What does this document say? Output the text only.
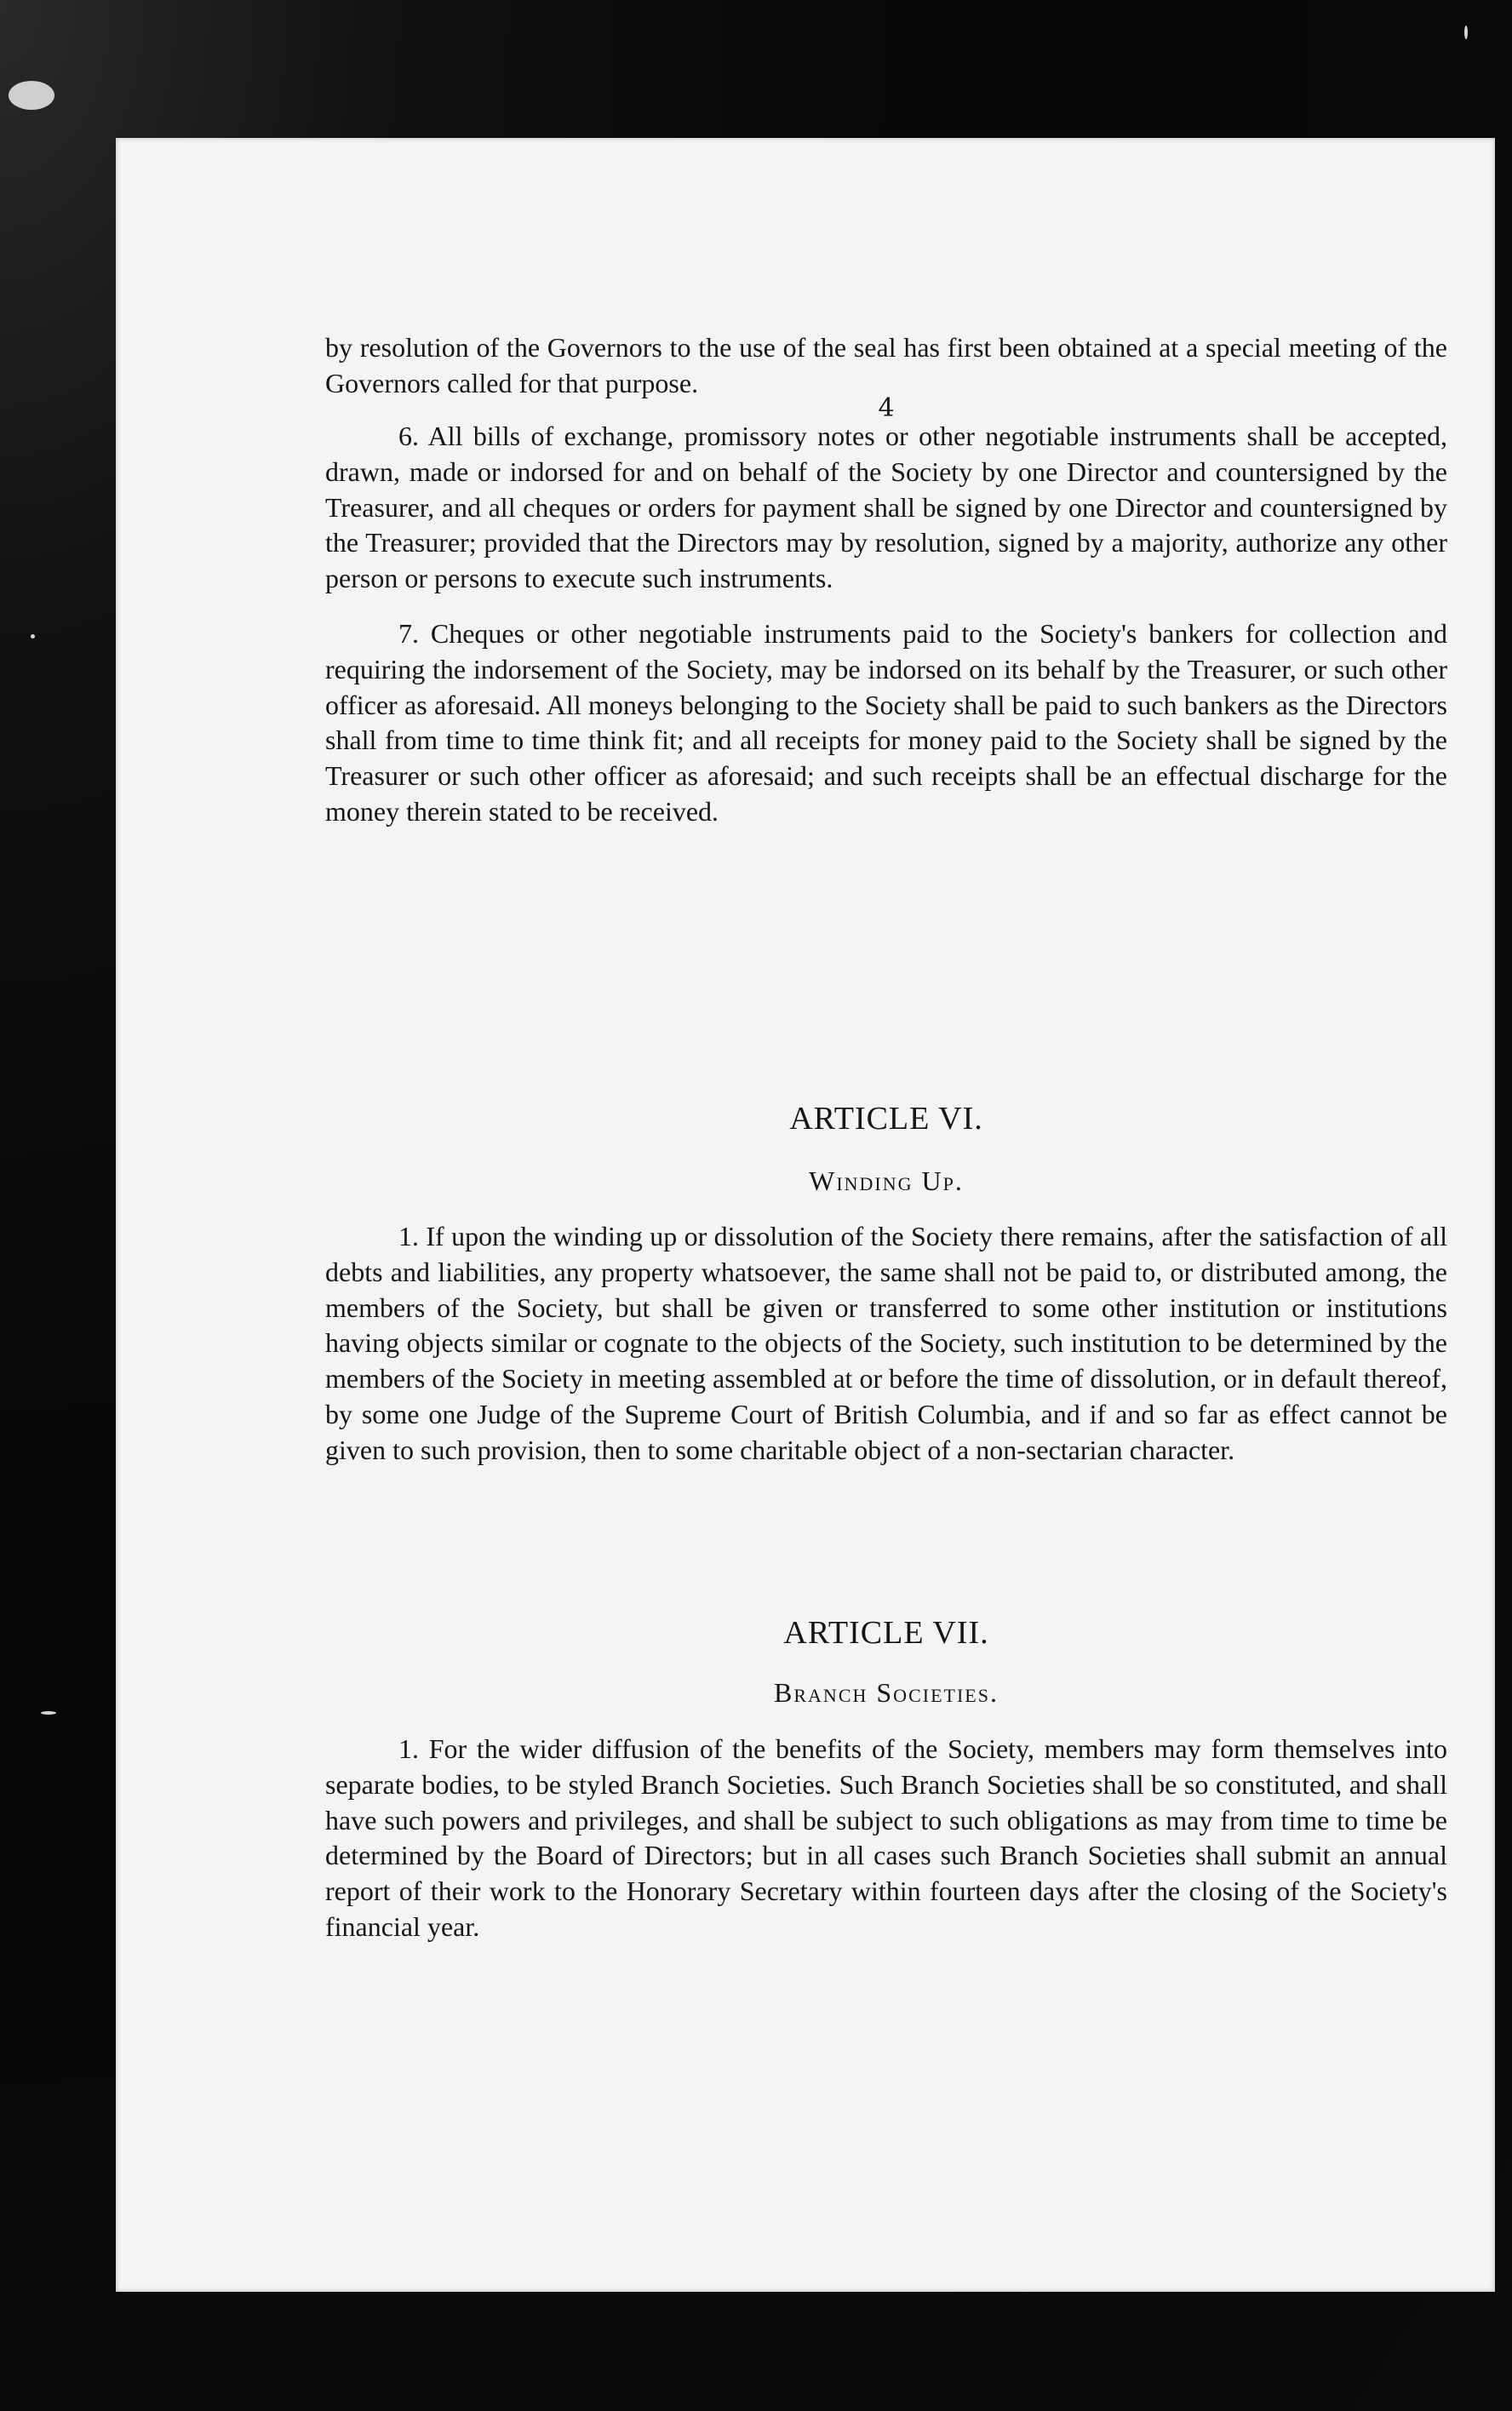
4

by resolution of the Governors to the use of the seal has first been obtained at a special meeting of the Governors called for that purpose.

6. All bills of exchange, promissory notes or other negotiable instruments shall be accepted, drawn, made or indorsed for and on behalf of the Society by one Director and countersigned by the Treasurer, and all cheques or orders for payment shall be signed by one Director and countersigned by the Treasurer; provided that the Directors may by resolution, signed by a majority, authorize any other person or persons to execute such instruments.

7. Cheques or other negotiable instruments paid to the Society's bankers for collection and requiring the indorsement of the Society, may be indorsed on its behalf by the Treasurer, or such other officer as aforesaid. All moneys belonging to the Society shall be paid to such bankers as the Directors shall from time to time think fit; and all receipts for money paid to the Society shall be signed by the Treasurer or such other officer as aforesaid; and such receipts shall be an effectual discharge for the money therein stated to be received.

ARTICLE VI.
Winding Up.

1. If upon the winding up or dissolution of the Society there remains, after the satisfaction of all debts and liabilities, any property whatsoever, the same shall not be paid to, or distributed among, the members of the Society, but shall be given or transferred to some other institution or institutions having objects similar or cognate to the objects of the Society, such institution to be determined by the members of the Society in meeting assembled at or before the time of dissolution, or in default thereof, by some one Judge of the Supreme Court of British Columbia, and if and so far as effect cannot be given to such provision, then to some charitable object of a non-sectarian character.

ARTICLE VII.
Branch Societies.

1. For the wider diffusion of the benefits of the Society, members may form themselves into separate bodies, to be styled Branch Societies. Such Branch Societies shall be so constituted, and shall have such powers and privileges, and shall be subject to such obligations as may from time to time be determined by the Board of Directors; but in all cases such Branch Societies shall submit an annual report of their work to the Honorary Secretary within fourteen days after the closing of the Society's financial year.
